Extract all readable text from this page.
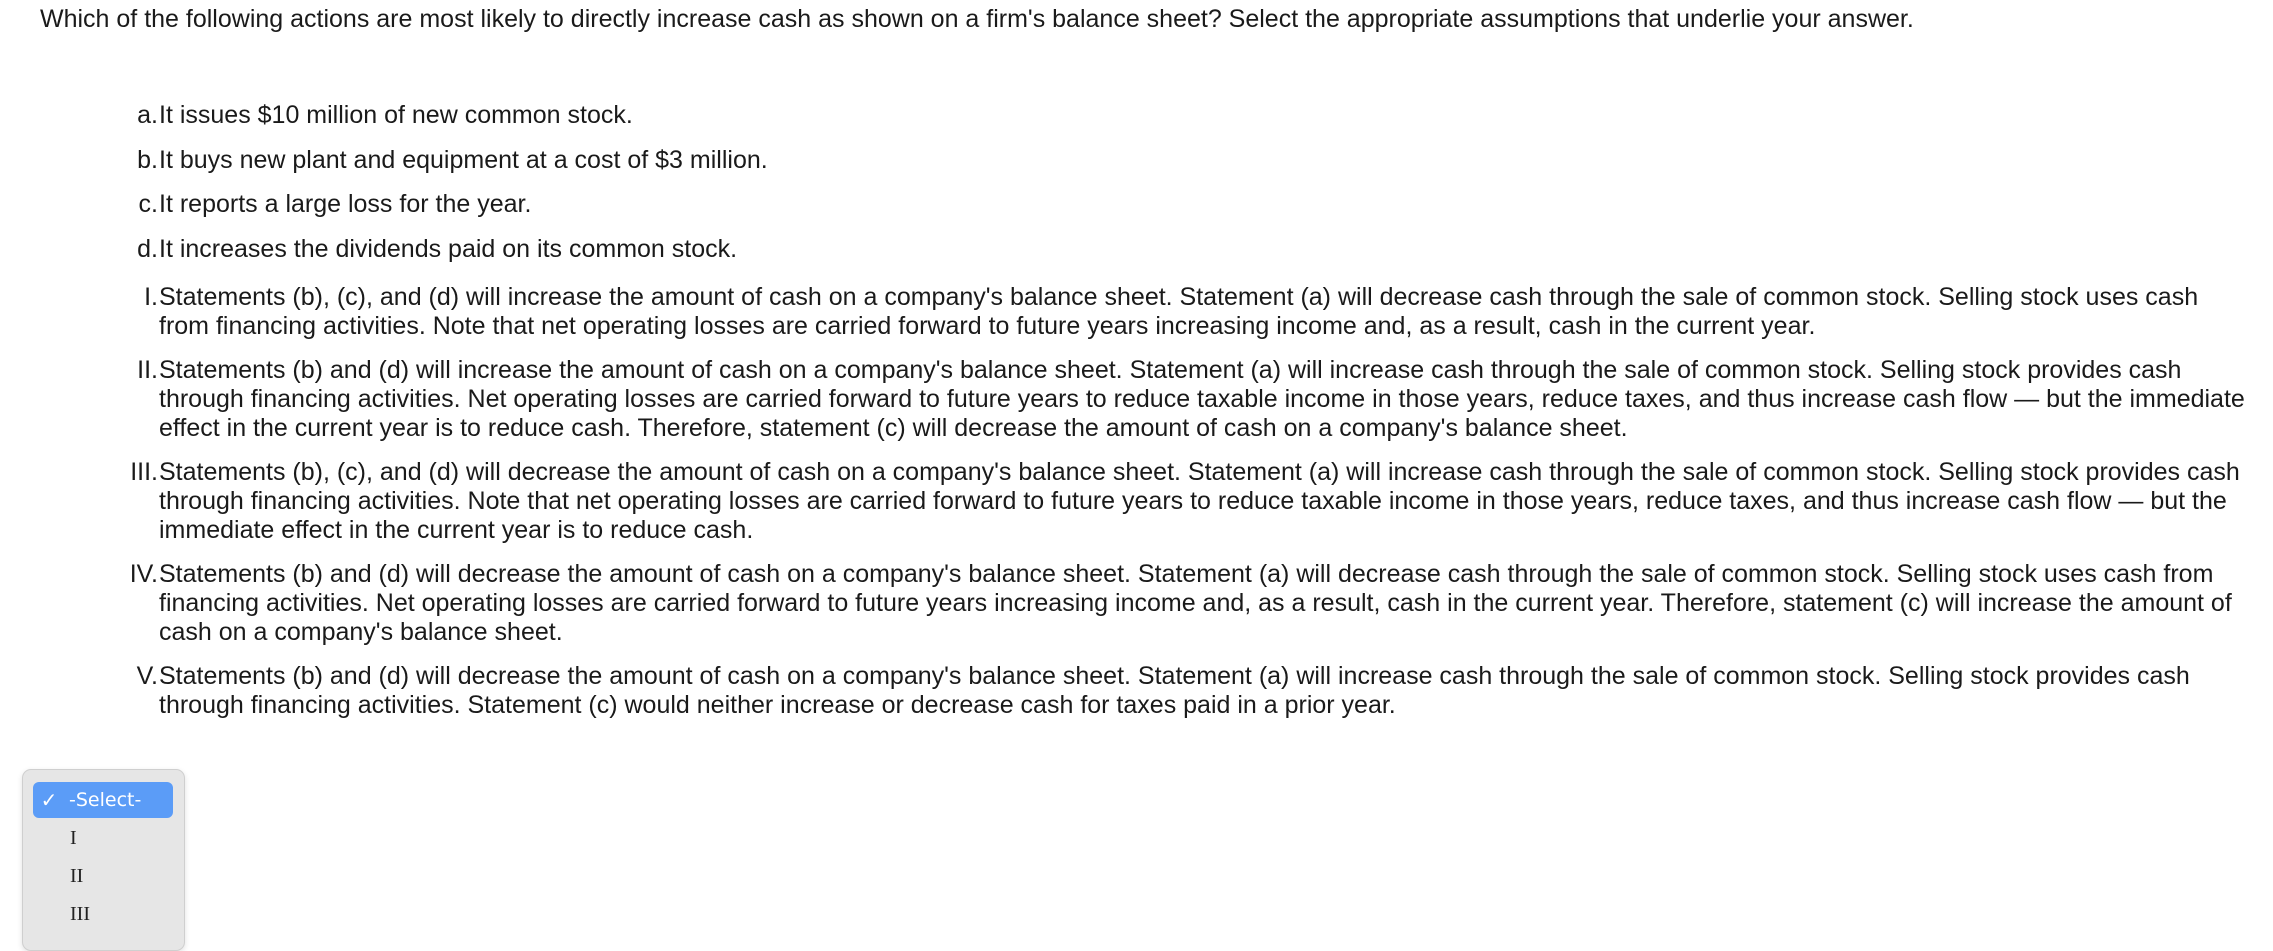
Which of the following actions are most likely to directly increase cash as shown on a firm's balance sheet? Select the appropriate assumptions that underlie your answer.
a. It issues $10 million of new common stock.
b. It buys new plant and equipment at a cost of $3 million.
c. It reports a large loss for the year.
d. It increases the dividends paid on its common stock.
I. Statements (b), (c), and (d) will increase the amount of cash on a company's balance sheet. Statement (a) will decrease cash through the sale of common stock. Selling stock uses cash from financing activities. Note that net operating losses are carried forward to future years increasing income and, as a result, cash in the current year.
II. Statements (b) and (d) will increase the amount of cash on a company's balance sheet. Statement (a) will increase cash through the sale of common stock. Selling stock provides cash through financing activities. Net operating losses are carried forward to future years to reduce taxable income in those years, reduce taxes, and thus increase cash flow — but the immediate effect in the current year is to reduce cash. Therefore, statement (c) will decrease the amount of cash on a company's balance sheet.
III. Statements (b), (c), and (d) will decrease the amount of cash on a company's balance sheet. Statement (a) will increase cash through the sale of common stock. Selling stock provides cash through financing activities. Note that net operating losses are carried forward to future years to reduce taxable income in those years, reduce taxes, and thus increase cash flow — but the immediate effect in the current year is to reduce cash.
IV. Statements (b) and (d) will decrease the amount of cash on a company's balance sheet. Statement (a) will decrease cash through the sale of common stock. Selling stock uses cash from financing activities. Net operating losses are carried forward to future years increasing income and, as a result, cash in the current year. Therefore, statement (c) will increase the amount of cash on a company's balance sheet.
V. Statements (b) and (d) will decrease the amount of cash on a company's balance sheet. Statement (a) will increase cash through the sale of common stock. Selling stock provides cash through financing activities. Statement (c) would neither increase or decrease cash for taxes paid in a prior year.
✓ -Select-
I
II
III
